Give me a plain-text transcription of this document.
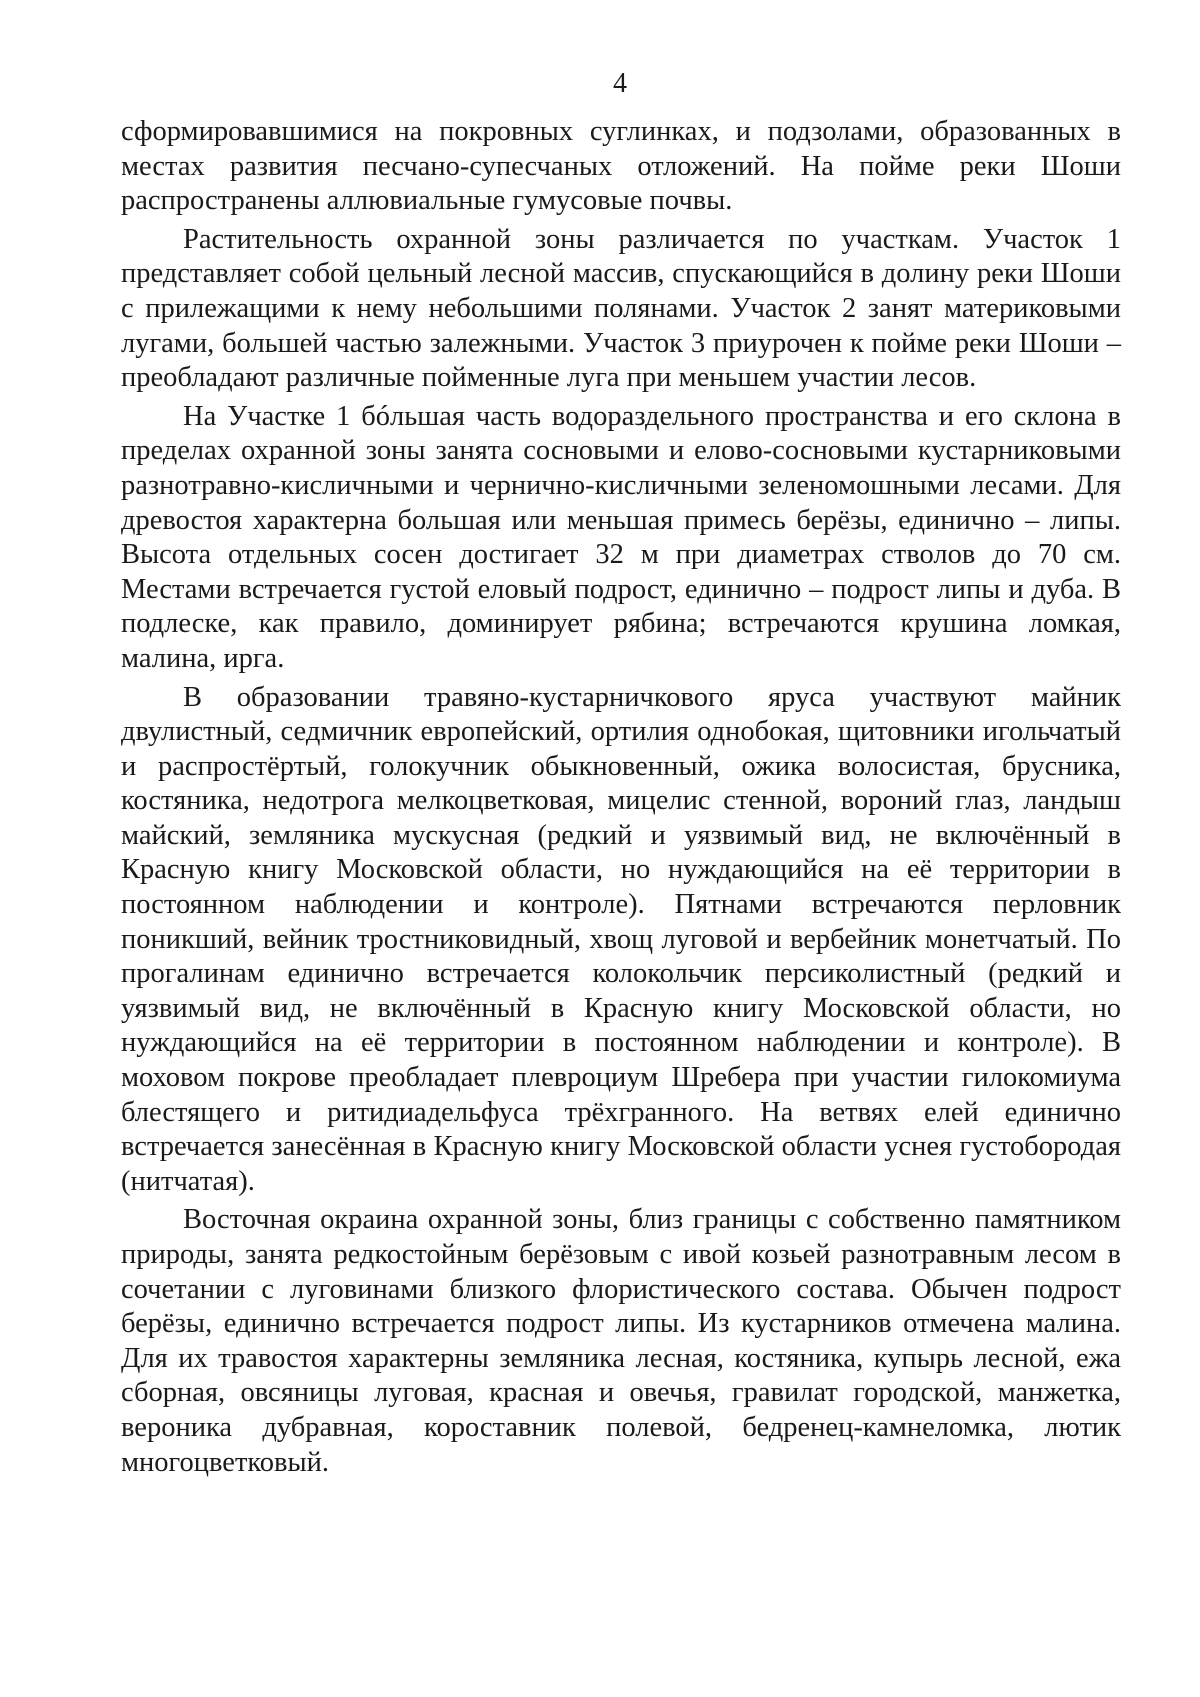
4

сформировавшимися на покровных суглинках, и подзолами, образованных в местах развития песчано-супесчаных отложений. На пойме реки Шоши распространены аллювиальные гумусовые почвы.

Растительность охранной зоны различается по участкам. Участок 1 представляет собой цельный лесной массив, спускающийся в долину реки Шоши с прилежащими к нему небольшими полянами. Участок 2 занят материковыми лугами, большей частью залежными. Участок 3 приурочен к пойме реки Шоши – преобладают различные пойменные луга при меньшем участии лесов.

На Участке 1 бóльшая часть водораздельного пространства и его склона в пределах охранной зоны занята сосновыми и елово-сосновыми кустарниковыми разнотравно-кисличными и чернично-кисличными зеленомошными лесами. Для древостоя характерна большая или меньшая примесь берёзы, единично – липы. Высота отдельных сосен достигает 32 м при диаметрах стволов до 70 см. Местами встречается густой еловый подрост, единично – подрост липы и дуба. В подлеске, как правило, доминирует рябина; встречаются крушина ломкая, малина, ирга.

В образовании травяно-кустарничкового яруса участвуют майник двулистный, седмичник европейский, ортилия однобокая, щитовники игольчатый и распростёртый, голокучник обыкновенный, ожика волосистая, брусника, костяника, недотрога мелкоцветковая, мицелис стенной, вороний глаз, ландыш майский, земляника мускусная (редкий и уязвимый вид, не включённый в Красную книгу Московской области, но нуждающийся на её территории в постоянном наблюдении и контроле). Пятнами встречаются перловник поникший, вейник тростниковидный, хвощ луговой и вербейник монетчатый. По прогалинам единично встречается колокольчик персиколистный (редкий и уязвимый вид, не включённый в Красную книгу Московской области, но нуждающийся на её территории в постоянном наблюдении и контроле). В моховом покрове преобладает плевроциум Шребера при участии гилокомиума блестящего и ритидиадельфуса трёхгранного. На ветвях елей единично встречается занесённая в Красную книгу Московской области уснея густобородая (нитчатая).

Восточная окраина охранной зоны, близ границы с собственно памятником природы, занята редкостойным берёзовым с ивой козьей разнотравным лесом в сочетании с луговинами близкого флористического состава. Обычен подрост берёзы, единично встречается подрост липы. Из кустарников отмечена малина. Для их травостоя характерны земляника лесная, костяника, купырь лесной, ежа сборная, овсяницы луговая, красная и овечья, гравилат городской, манжетка, вероника дубравная, короставник полевой, бедренец-камнеломка, лютик многоцветковый.
